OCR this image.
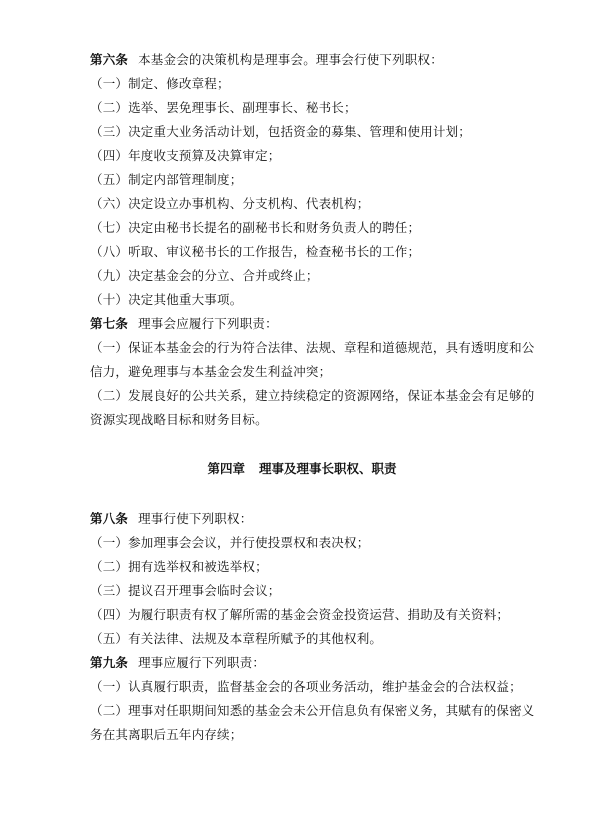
第六条 本基金会的决策机构是理事会。理事会行使下列职权：
（一）制定、修改章程；
（二）选举、罢免理事长、副理事长、秘书长；
（三）决定重大业务活动计划，包括资金的募集、管理和使用计划；
（四）年度收支预算及决算审定；
（五）制定内部管理制度；
（六）决定设立办事机构、分支机构、代表机构；
（七）决定由秘书长提名的副秘书长和财务负责人的聘任；
（八）听取、审议秘书长的工作报告，检查秘书长的工作；
（九）决定基金会的分立、合并或终止；
（十）决定其他重大事项。
第七条 理事会应履行下列职责：
（一）保证本基金会的行为符合法律、法规、章程和道德规范，具有透明度和公
信力，避免理事与本基金会发生利益冲突；
（二）发展良好的公共关系，建立持续稳定的资源网络，保证本基金会有足够的
资源实现战略目标和财务目标。
第四章 理事及理事长职权、职责
第八条 理事行使下列职权：
（一）参加理事会会议，并行使投票权和表决权；
（二）拥有选举权和被选举权；
（三）提议召开理事会临时会议；
（四）为履行职责有权了解所需的基金会资金投资运营、捐助及有关资料；
（五）有关法律、法规及本章程所赋予的其他权利。
第九条 理事应履行下列职责：
（一）认真履行职责，监督基金会的各项业务活动，维护基金会的合法权益；
（二）理事对任职期间知悉的基金会未公开信息负有保密义务，其赋有的保密义
务在其离职后五年内存续；
